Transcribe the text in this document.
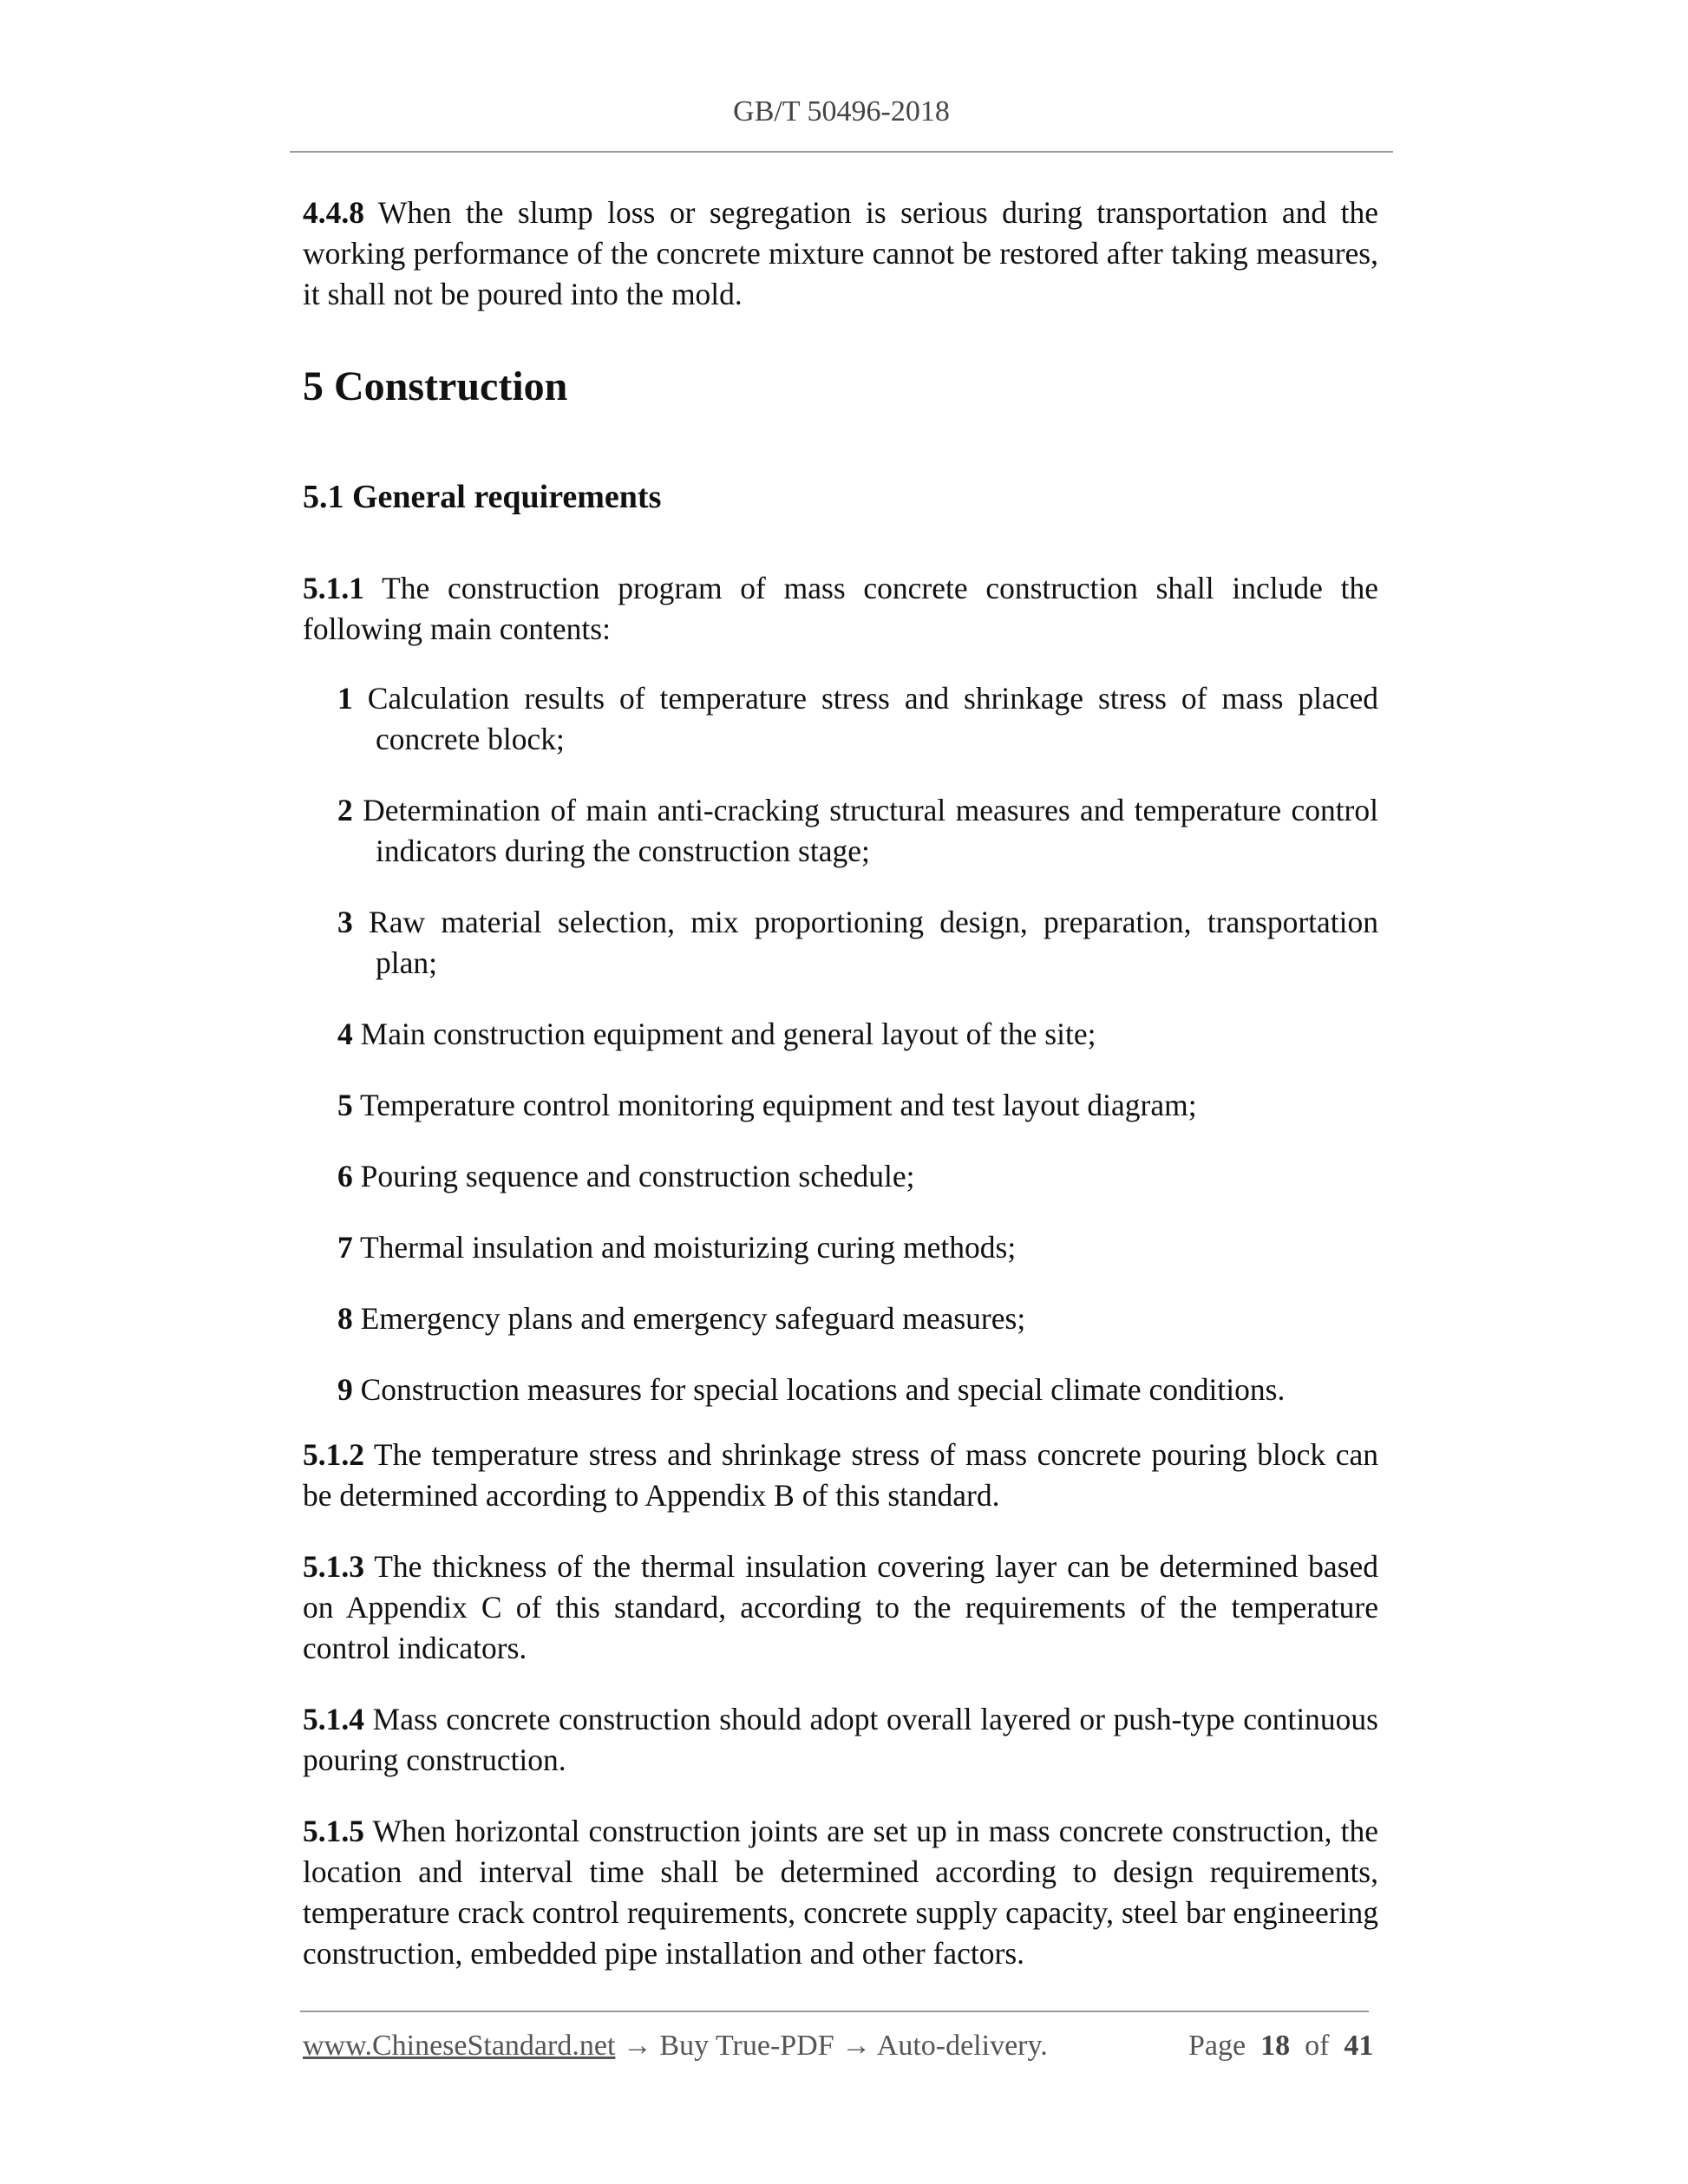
GB/T 50496-2018

4.4.8 When the slump loss or segregation is serious during transportation and the working performance of the concrete mixture cannot be restored after taking measures, it shall not be poured into the mold.

5 Construction
5.1 General requirements

5.1.1 The construction program of mass concrete construction shall include the following main contents:

1 Calculation results of temperature stress and shrinkage stress of mass placed concrete block;
2 Determination of main anti-cracking structural measures and temperature control indicators during the construction stage;
3 Raw material selection, mix proportioning design, preparation, transportation plan;
4 Main construction equipment and general layout of the site;
5 Temperature control monitoring equipment and test layout diagram;
6 Pouring sequence and construction schedule;
7 Thermal insulation and moisturizing curing methods;
8 Emergency plans and emergency safeguard measures;
9 Construction measures for special locations and special climate conditions.

5.1.2 The temperature stress and shrinkage stress of mass concrete pouring block can be determined according to Appendix B of this standard.

5.1.3 The thickness of the thermal insulation covering layer can be determined based on Appendix C of this standard, according to the requirements of the temperature control indicators.

5.1.4 Mass concrete construction should adopt overall layered or push-type continuous pouring construction.

5.1.5 When horizontal construction joints are set up in mass concrete construction, the location and interval time shall be determined according to design requirements, temperature crack control requirements, concrete supply capacity, steel bar engineering construction, embedded pipe installation and other factors.

www.ChineseStandard.net → Buy True-PDF → Auto-delivery.	Page 18 of 41
